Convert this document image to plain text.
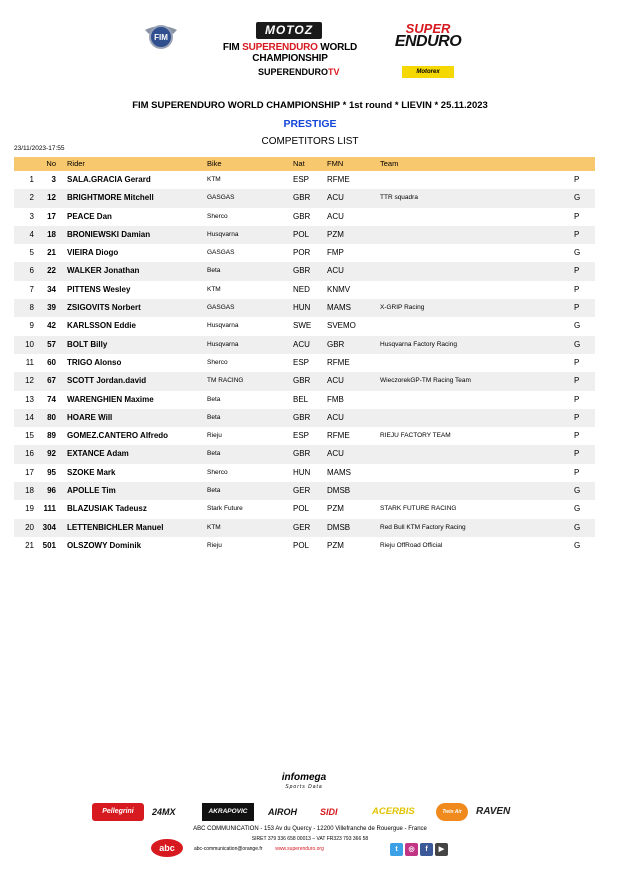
FIM
MOTOZ
FIM SUPERENDURO WORLD
CHAMPIONSHIP
SUPERENDUROTV
SUPER
ENDURO
Motorex
FIM SUPERENDURO WORLD CHAMPIONSHIP * 1st round * LIEVIN * 25.11.2023
PRESTIGE
COMPETITORS LIST
23/11/2023-17:55
No Rider	Bike	Nat	FMN	Team
1	3 SALA.GRACIA Gerard	KTM	ESP RFME	P
2	12 BRIGHTMORE Mitchell	GASGAS	GBR ACU	TTR squadra	G
3	17 PEACE Dan	Sherco	GBR ACU	P
4	18 BRONIEWSKI Damian	Husqvarna	POL PZM	P
5	21 VIEIRA Diogo	GASGAS	POR FMP	G
6	22 WALKER Jonathan	Beta	GBR ACU	P
7	34 PITTENS Wesley	KTM	NED KNMV	P
8	39 ZSIGOVITS Norbert	GASGAS	HUN MAMS	X-GRIP Racing	P
9	42 KARLSSON Eddie	Husqvarna	SWE SVEMO	G
10	57 BOLT Billy	Husqvarna	ACU GBR	Husqvarna Factory Racing	G
11	60 TRIGO Alonso	Sherco	ESP RFME	P
12	67 SCOTT Jordan.david	TM RACING	GBR ACU	WieczorekGP-TM Racing Team	P
13	74 WARENGHIEN Maxime	Beta	BEL FMB	P
14	80 HOARE Will	Beta	GBR ACU	P
15	89 GOMEZ.CANTERO Alfredo	Rieju	ESP RFME	RIEJU FACTORY TEAM	P
16	92 EXTANCE Adam	Beta	GBR ACU	P
17	95 SZOKE Mark	Sherco	HUN MAMS	P
18	96 APOLLE Tim	Beta	GER DMSB	G
19	111 BLAZUSIAK Tadeusz	Stark Future	POL PZM	STARK FUTURE RACING	G
20	304 LETTENBICHLER Manuel	KTM	GER DMSB	Red Bull KTM Factory Racing	G
21	501 OLSZOWY Dominik	Rieju	POL PZM	Rieju OffRoad Official	G
infomega
Sports Data
Pellegrini	24MX	AKRAPOVIC	AIROH	SIDI	ACERBIS	Twin Air	RAVEN
ABC COMMUNICATION - 153 Av du Quercy - 12200 Villefranche de Rouergue - France
SIRET 379 336 658 00013 – VAT FR323 793 366 58
abc	abc-communication@orange.fr	www.superenduro.org	t	◎	f	▶
